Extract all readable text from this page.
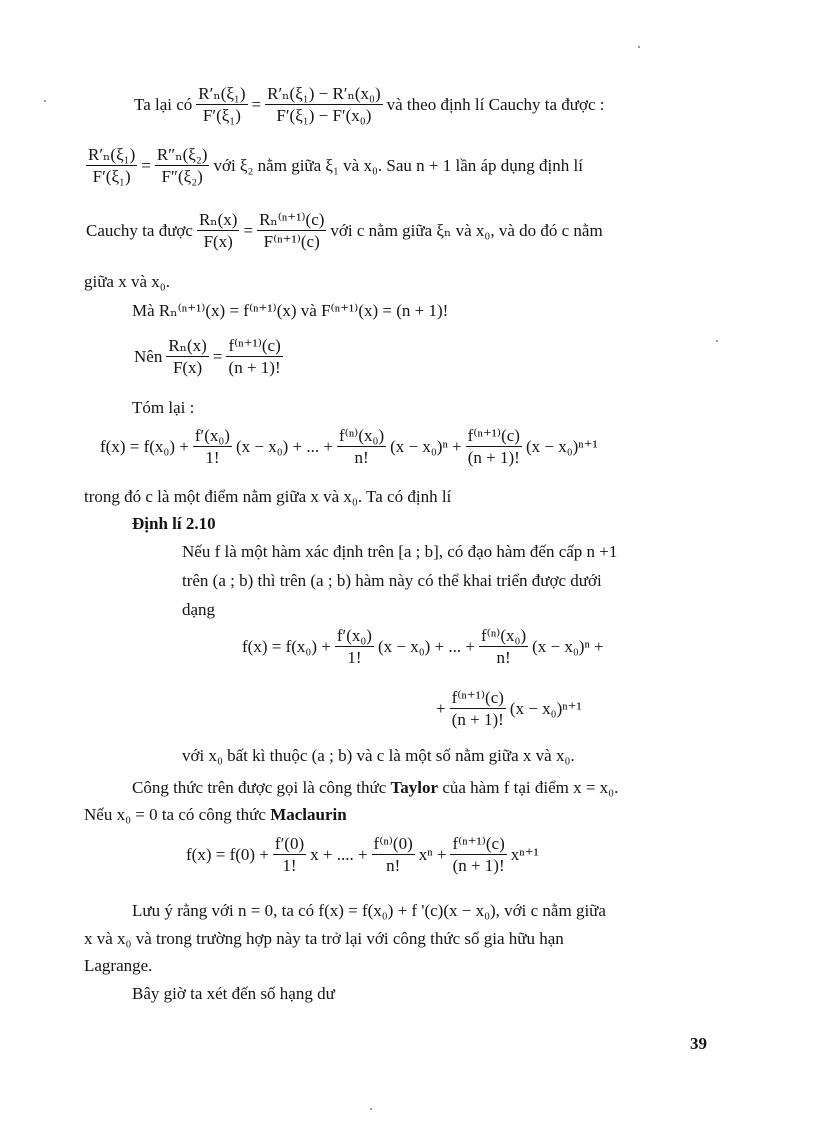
Ta lại có $\frac{\text{R′ₙ(ξ₁)}}{\text{F′(ξ₁)}} = \frac{\text{R′ₙ(ξ₁) − R′ₙ(x₀)}}{\text{F′(ξ₁) − F′(x₀)}}$ và theo định lí Cauchy ta được :
$\frac{\text{R′ₙ(ξ₁)}}{\text{F′(ξ₁)}} = \frac{\text{R″ₙ(ξ₂)}}{\text{F″(ξ₂)}}$ với ξ₂ nằm giữa ξ₁ và x₀. Sau n + 1 lần áp dụng định lí
Cauchy ta được $\frac{\text{Rₙ(x)}}{F(x)} = \frac{\text{Rₙ⁽ⁿ⁺¹⁾(c)}}{\text{F⁽ⁿ⁺¹⁾(c)}}$ với c nằm giữa ξₙ và x₀, và do đó c nằm
giữa x và x₀.
Mà Rₙ⁽ⁿ⁺¹⁾(x) = f⁽ⁿ⁺¹⁾(x) và F⁽ⁿ⁺¹⁾(x) = (n + 1)!
Nên $\frac{\text{Rₙ(x)}}{F(x)} = \frac{\text{f⁽ⁿ⁺¹⁾(c)}}{(n + 1)!}$
Tóm lại :
$f(x) = f(x_0) + \frac{\text{f′(x₀)}}{1!} (x - x_0)$ + ... + $\frac{\text{f⁽ⁿ⁾(x₀)}}{n!} (x - x_0)^n + \frac{\text{f⁽ⁿ⁺¹⁾(c)}}{(n + 1)!} (x - x_0)^{n+1}$
trong đó c là một điểm nằm giữa x và x₀. Ta có định lí
Định lí 2.10
Nếu f là một hàm xác định trên [a ; b], có đạo hàm đến cấp n +1
trên (a ; b) thì trên (a ; b) hàm này có thể khai triển được dưới
dạng
$f(x) = f(x_0) + \frac{\text{f′(x₀)}}{1!} (x - x_0)$ + ... + $\frac{\text{f⁽ⁿ⁾(x₀)}}{n!} (x - x_0)^n$ +
+ $\frac{\text{f⁽ⁿ⁺¹⁾(c)}}{(n + 1)!} (x - x_0)^{n+1}$
với x₀ bất kì thuộc (a ; b) và c là một số nằm giữa x và x₀.
Công thức trên được gọi là công thức Taylor của hàm f tại điểm x = x₀.
Nếu x₀ = 0 ta có công thức Maclaurin
$f(x) = f(0) + \frac{f'(0)}{1!}$ x + .... + $\frac{\text{f⁽ⁿ⁾(0)}}{n!}$ $x^n + \frac{\text{f⁽ⁿ⁺¹⁾(c)}}{(n + 1)!} x^{n+1}$
Lưu ý rằng với n = 0, ta có f(x) = f(x₀) + f '(c)(x − x₀), với c nằm giữa
x và x₀ và trong trường hợp này ta trở lại với công thức số gia hữu hạn
Lagrange.
Bây giờ ta xét đến số hạng dư
39
